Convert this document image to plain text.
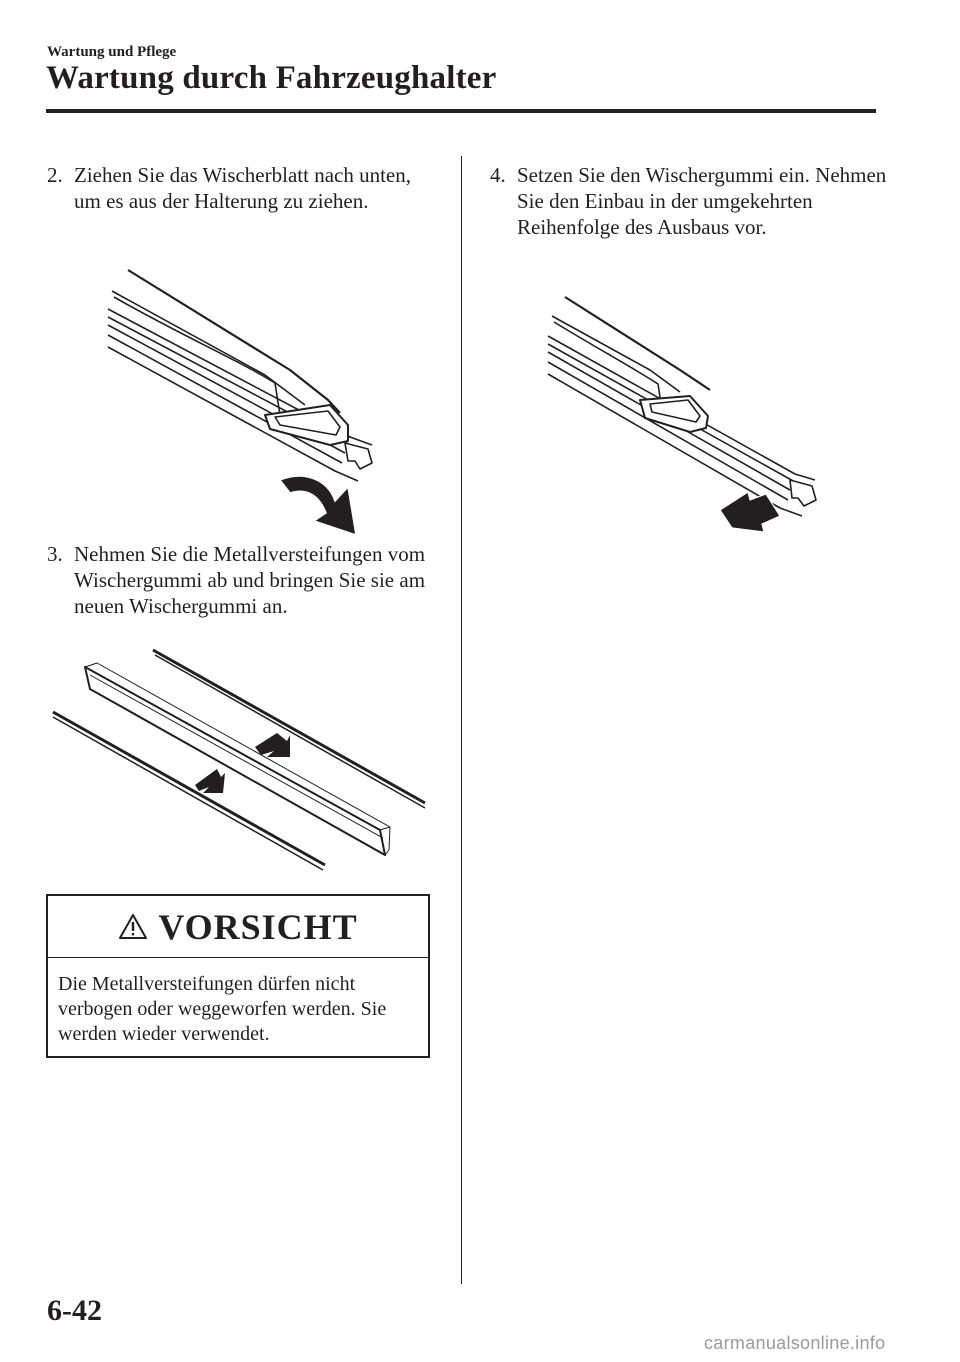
Wartung und Pflege
Wartung durch Fahrzeughalter
2. Ziehen Sie das Wischerblatt nach unten, um es aus der Halterung zu ziehen.
3. Nehmen Sie die Metallversteifungen vom Wischergummi ab und bringen Sie sie am neuen Wischergummi an.
VORSICHT
Die Metallversteifungen dürfen nicht verbogen oder weggeworfen werden. Sie werden wieder verwendet.
4. Setzen Sie den Wischergummi ein. Nehmen Sie den Einbau in der umgekehrten Reihenfolge des Ausbaus vor.
6-42
carmanualsonline.info
